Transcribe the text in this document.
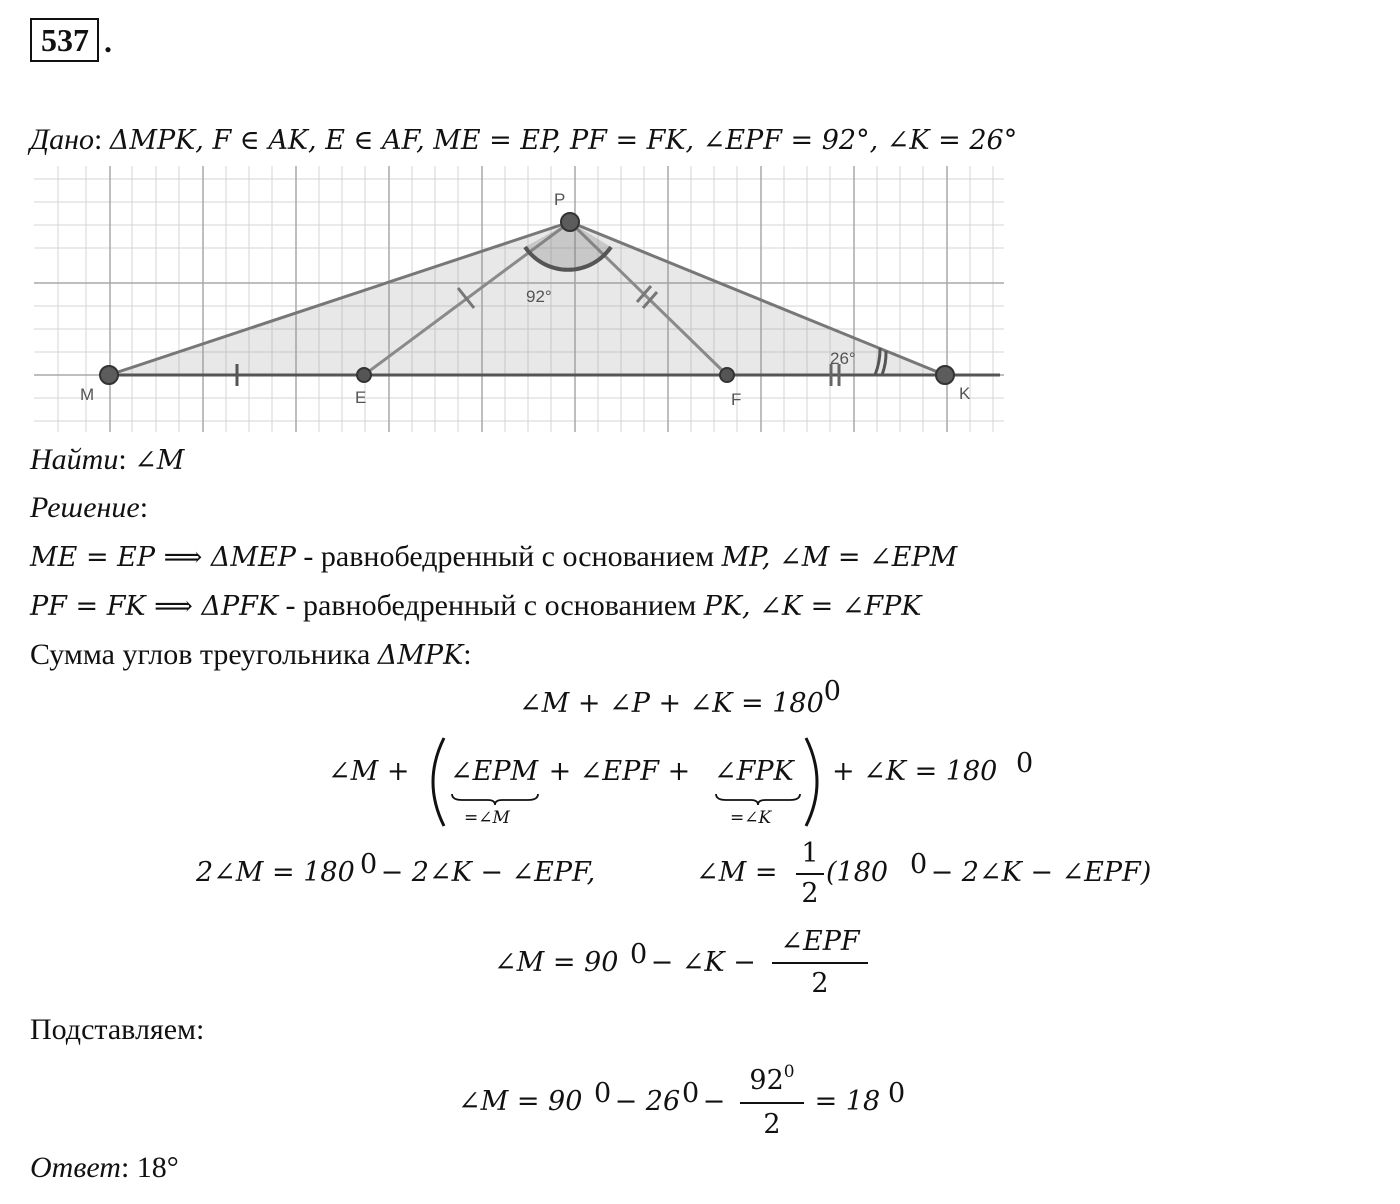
537 .
Дано: ΔMPK, F ∈ AK, E ∈ AF, ME = EP, PF = FK, ∠EPF = 92°, ∠K = 26°
M	E
P
F	K
92°
26°
Найти: ∠M
Решение:
ME = EP ⟹ ΔMEP - равнобедренный с основанием MP, ∠M = ∠EPM
PF = FK ⟹ ΔPFK - равнобедренный с основанием PK, ∠K = ∠FPK
Сумма углов треугольника ΔMPK:
∠M + ∠P + ∠K = $180^0$
∠M + ∠EPM
=∠M
+ ∠EPF + ∠FPK
=∠K
+ ∠K = 180 0
2∠M = 180 0
− 2∠K − ∠EPF,	∠M = $\frac{1}{2} (180$ 0
− 2∠K − ∠EPF)
∠M = 90 0
− ∠K −
∠EPF
2
Подставляем:
∠M = 90 0
− 26 0
− $\frac{92^0}{2} = 18$ 0
Ответ: 18°
